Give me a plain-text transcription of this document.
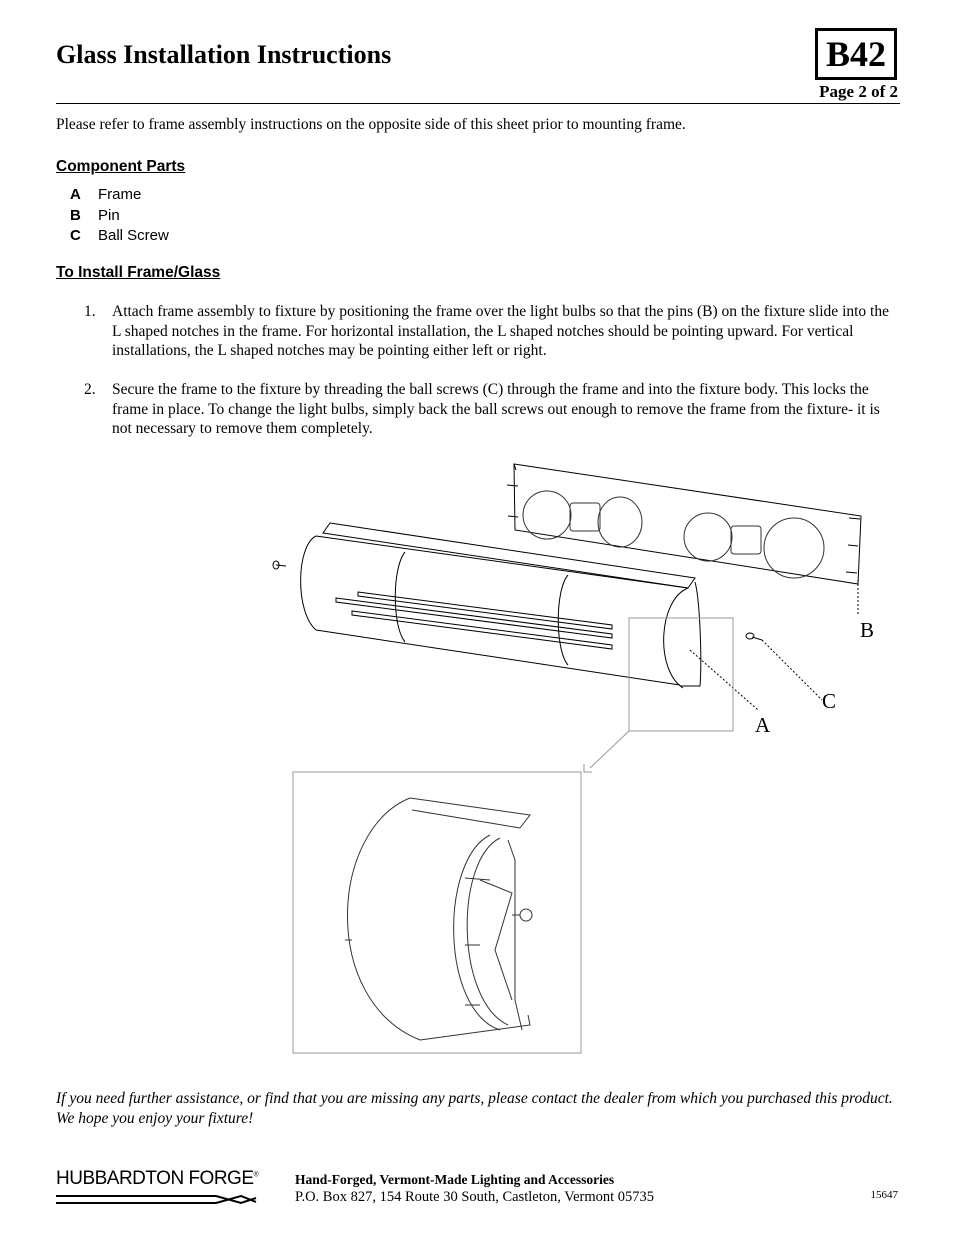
Glass Installation Instructions	B42
Page 2 of 2
Please refer to frame assembly instructions on the opposite side of this sheet prior to mounting frame.
Component Parts
A Frame
B Pin
C Ball Screw
To Install Frame/Glass
1. Attach frame assembly to fixture by positioning the frame over the light bulbs so that the pins (B) on the fixture slide into the L shaped notches in the frame. For horizontal installation, the L shaped notches should be pointing upward. For vertical installations, the L shaped notches may be pointing either left or right.
2. Secure the frame to the fixture by threading the ball screws (C) through the frame and into the fixture body. This locks the frame in place. To change the light bulbs, simply back the ball screws out enough to remove the frame from the fixture- it is not necessary to remove them completely.
A
B
C
If you need further assistance, or find that you are missing any parts, please contact the dealer from which you purchased this product. We hope you enjoy your fixture!
HUBBARDTON FORGE®	Hand-Forged, Vermont-Made Lighting and Accessories
P.O. Box 827, 154 Route 30 South, Castleton, Vermont 05735	15647
